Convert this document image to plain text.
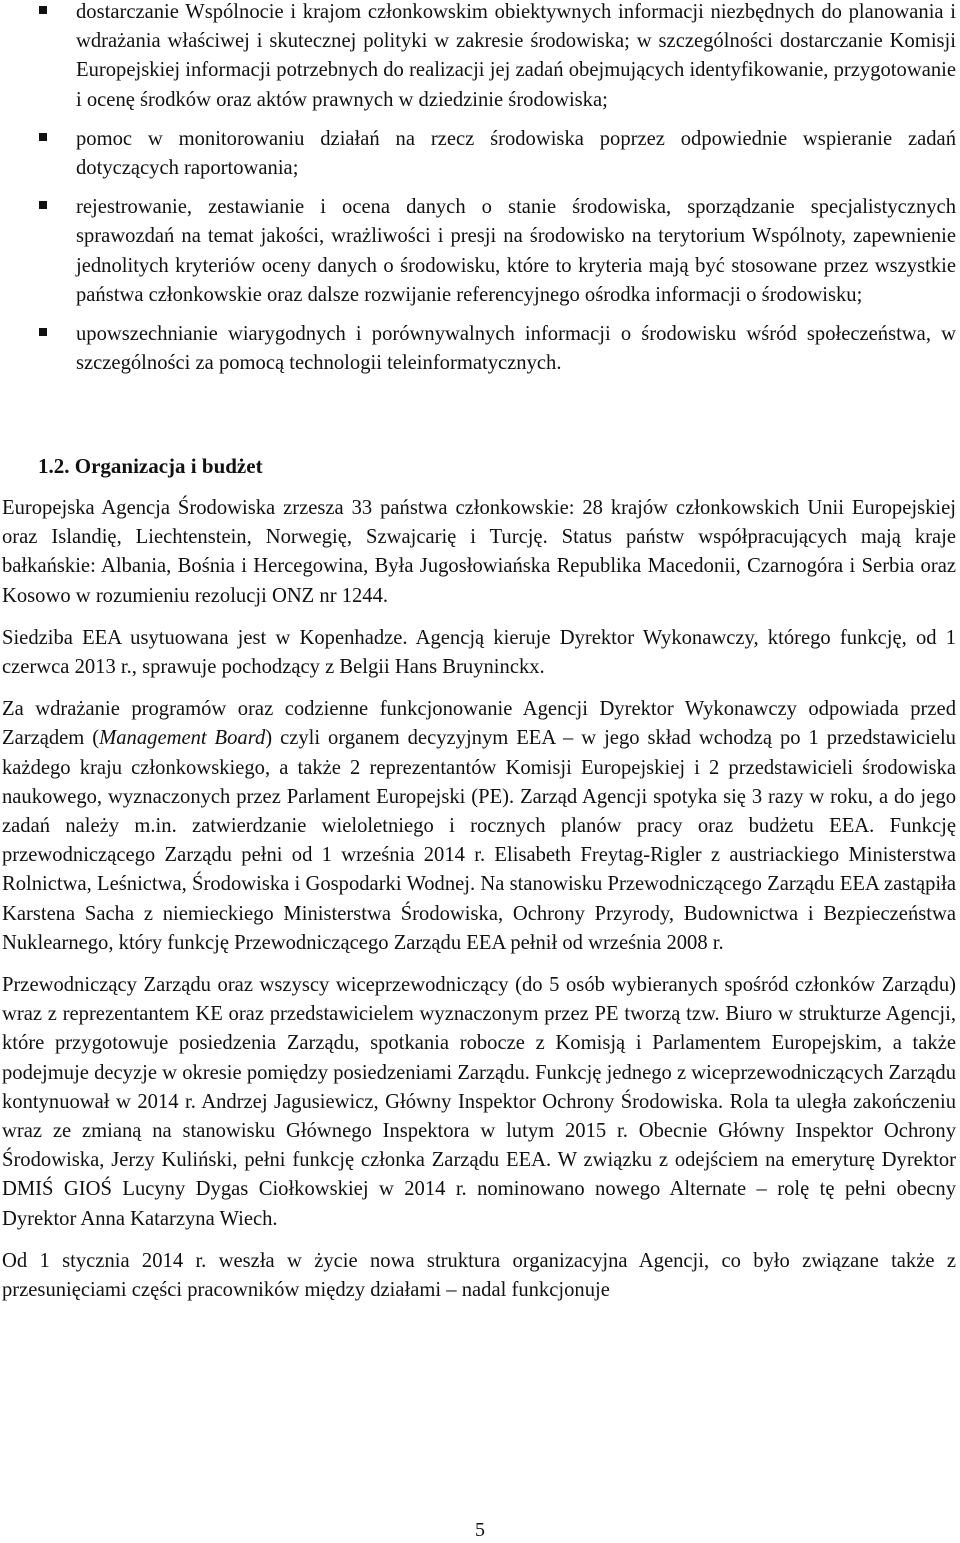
dostarczanie Wspólnocie i krajom członkowskim obiektywnych informacji niezbędnych do planowania i wdrażania właściwej i skutecznej polityki w zakresie środowiska; w szczególności dostarczanie Komisji Europejskiej informacji potrzebnych do realizacji jej zadań obejmujących identyfikowanie, przygotowanie i ocenę środków oraz aktów prawnych w dziedzinie środowiska;
pomoc w monitorowaniu działań na rzecz środowiska poprzez odpowiednie wspieranie zadań dotyczących raportowania;
rejestrowanie, zestawianie i ocena danych o stanie środowiska, sporządzanie specjalistycznych sprawozdań na temat jakości, wrażliwości i presji na środowisko na terytorium Wspólnoty, zapewnienie jednolitych kryteriów oceny danych o środowisku, które to kryteria mają być stosowane przez wszystkie państwa członkowskie oraz dalsze rozwijanie referencyjnego ośrodka informacji o środowisku;
upowszechnianie wiarygodnych i porównywalnych informacji o środowisku wśród społeczeństwa, w szczególności za pomocą technologii teleinformatycznych.
1.2. Organizacja i budżet

Europejska Agencja Środowiska zrzesza 33 państwa członkowskie: 28 krajów członkowskich Unii Europejskiej oraz Islandię, Liechtenstein, Norwegię, Szwajcarię i Turcję. Status państw współpracujących mają kraje bałkańskie: Albania, Bośnia i Hercegowina, Była Jugosłowiańska Republika Macedonii, Czarnogóra i Serbia oraz Kosowo w rozumieniu rezolucji ONZ nr 1244.

Siedziba EEA usytuowana jest w Kopenhadze. Agencją kieruje Dyrektor Wykonawczy, którego funkcję, od 1 czerwca 2013 r., sprawuje pochodzący z Belgii Hans Bruyninckx.

Za wdrażanie programów oraz codzienne funkcjonowanie Agencji Dyrektor Wykonawczy odpowiada przed Zarządem (Management Board) czyli organem decyzyjnym EEA – w jego skład wchodzą po 1 przedstawicielu każdego kraju członkowskiego, a także 2 reprezentantów Komisji Europejskiej i 2 przedstawicieli środowiska naukowego, wyznaczonych przez Parlament Europejski (PE). Zarząd Agencji spotyka się 3 razy w roku, a do jego zadań należy m.in. zatwierdzanie wieloletniego i rocznych planów pracy oraz budżetu EEA. Funkcję przewodniczącego Zarządu pełni od 1 września 2014 r. Elisabeth Freytag-Rigler z austriackiego Ministerstwa Rolnictwa, Leśnictwa, Środowiska i Gospodarki Wodnej. Na stanowisku Przewodniczącego Zarządu EEA zastąpiła Karstena Sacha z niemieckiego Ministerstwa Środowiska, Ochrony Przyrody, Budownictwa i Bezpieczeństwa Nuklearnego, który funkcję Przewodniczącego Zarządu EEA pełnił od września 2008 r.

Przewodniczący Zarządu oraz wszyscy wiceprzewodniczący (do 5 osób wybieranych spośród członków Zarządu) wraz z reprezentantem KE oraz przedstawicielem wyznaczonym przez PE tworzą tzw. Biuro w strukturze Agencji, które przygotowuje posiedzenia Zarządu, spotkania robocze z Komisją i Parlamentem Europejskim, a także podejmuje decyzje w okresie pomiędzy posiedzeniami Zarządu. Funkcję jednego z wiceprzewodniczących Zarządu kontynuował w 2014 r. Andrzej Jagusiewicz, Główny Inspektor Ochrony Środowiska. Rola ta uległa zakończeniu wraz ze zmianą na stanowisku Głównego Inspektora w lutym 2015 r. Obecnie Główny Inspektor Ochrony Środowiska, Jerzy Kuliński, pełni funkcję członka Zarządu EEA. W związku z odejściem na emeryturę Dyrektor DMIŚ GIOŚ Lucyny Dygas Ciołkowskiej w 2014 r. nominowano nowego Alternate – rolę tę pełni obecny Dyrektor Anna Katarzyna Wiech.

Od 1 stycznia 2014 r. weszła w życie nowa struktura organizacyjna Agencji, co było związane także z przesunięciami części pracowników między działami – nadal funkcjonuje

5
